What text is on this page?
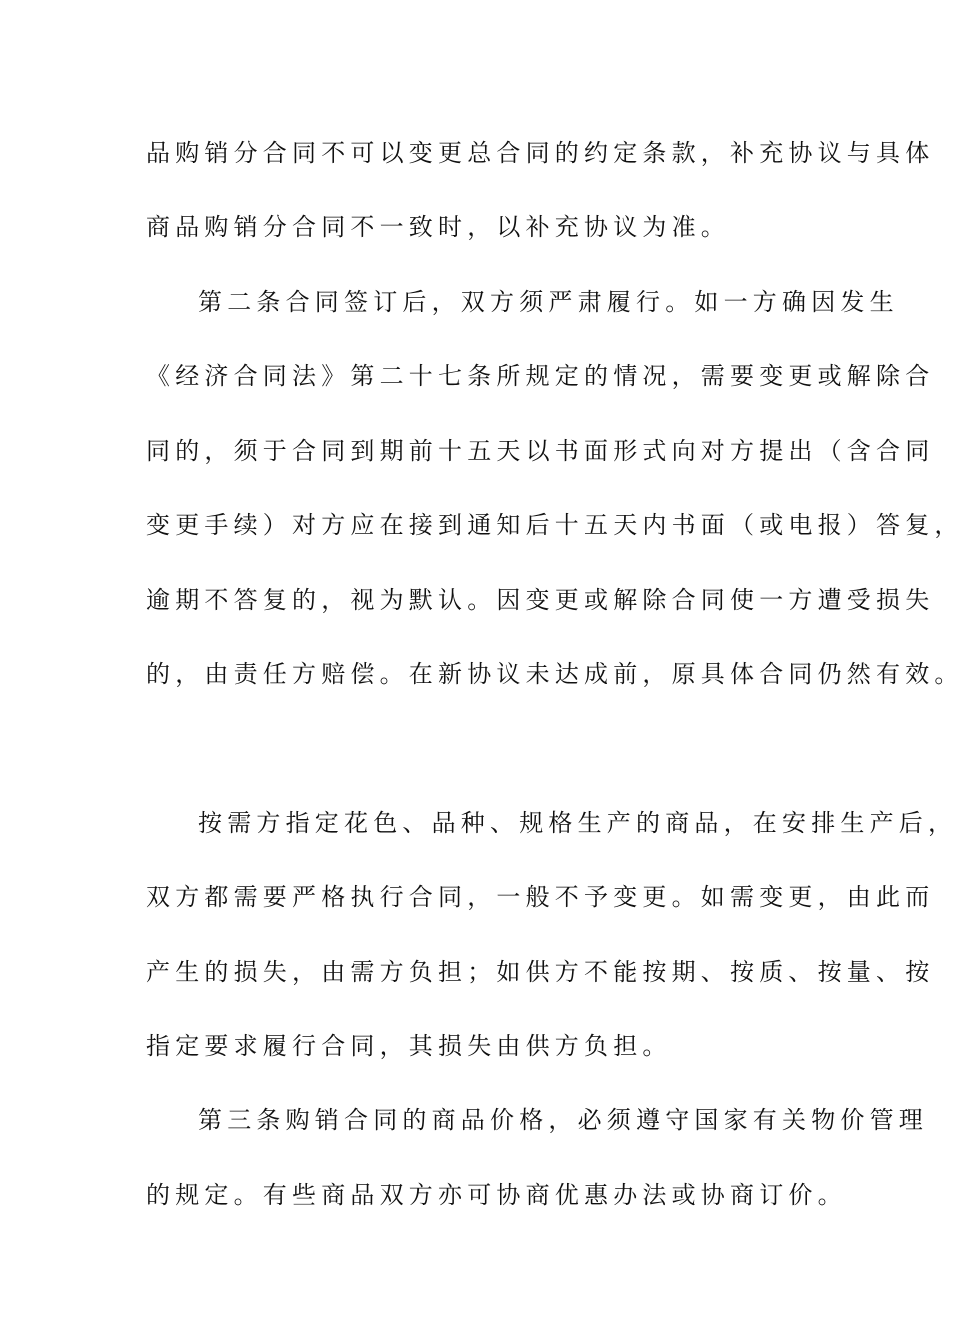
品购销分合同不可以变更总合同的约定条款，补充协议与具体
商品购销分合同不一致时，以补充协议为准。
第二条合同签订后，双方须严肃履行。如一方确因发生
《经济合同法》第二十七条所规定的情况，需要变更或解除合
同的，须于合同到期前十五天以书面形式向对方提出（含合同
变更手续）对方应在接到通知后十五天内书面（或电报）答复，
逾期不答复的，视为默认。因变更或解除合同使一方遭受损失
的，由责任方赔偿。在新协议未达成前，原具体合同仍然有效。
按需方指定花色、品种、规格生产的商品，在安排生产后，
双方都需要严格执行合同，一般不予变更。如需变更，由此而
产生的损失，由需方负担；如供方不能按期、按质、按量、按
指定要求履行合同，其损失由供方负担。
第三条购销合同的商品价格，必须遵守国家有关物价管理
的规定。有些商品双方亦可协商优惠办法或协商订价。
